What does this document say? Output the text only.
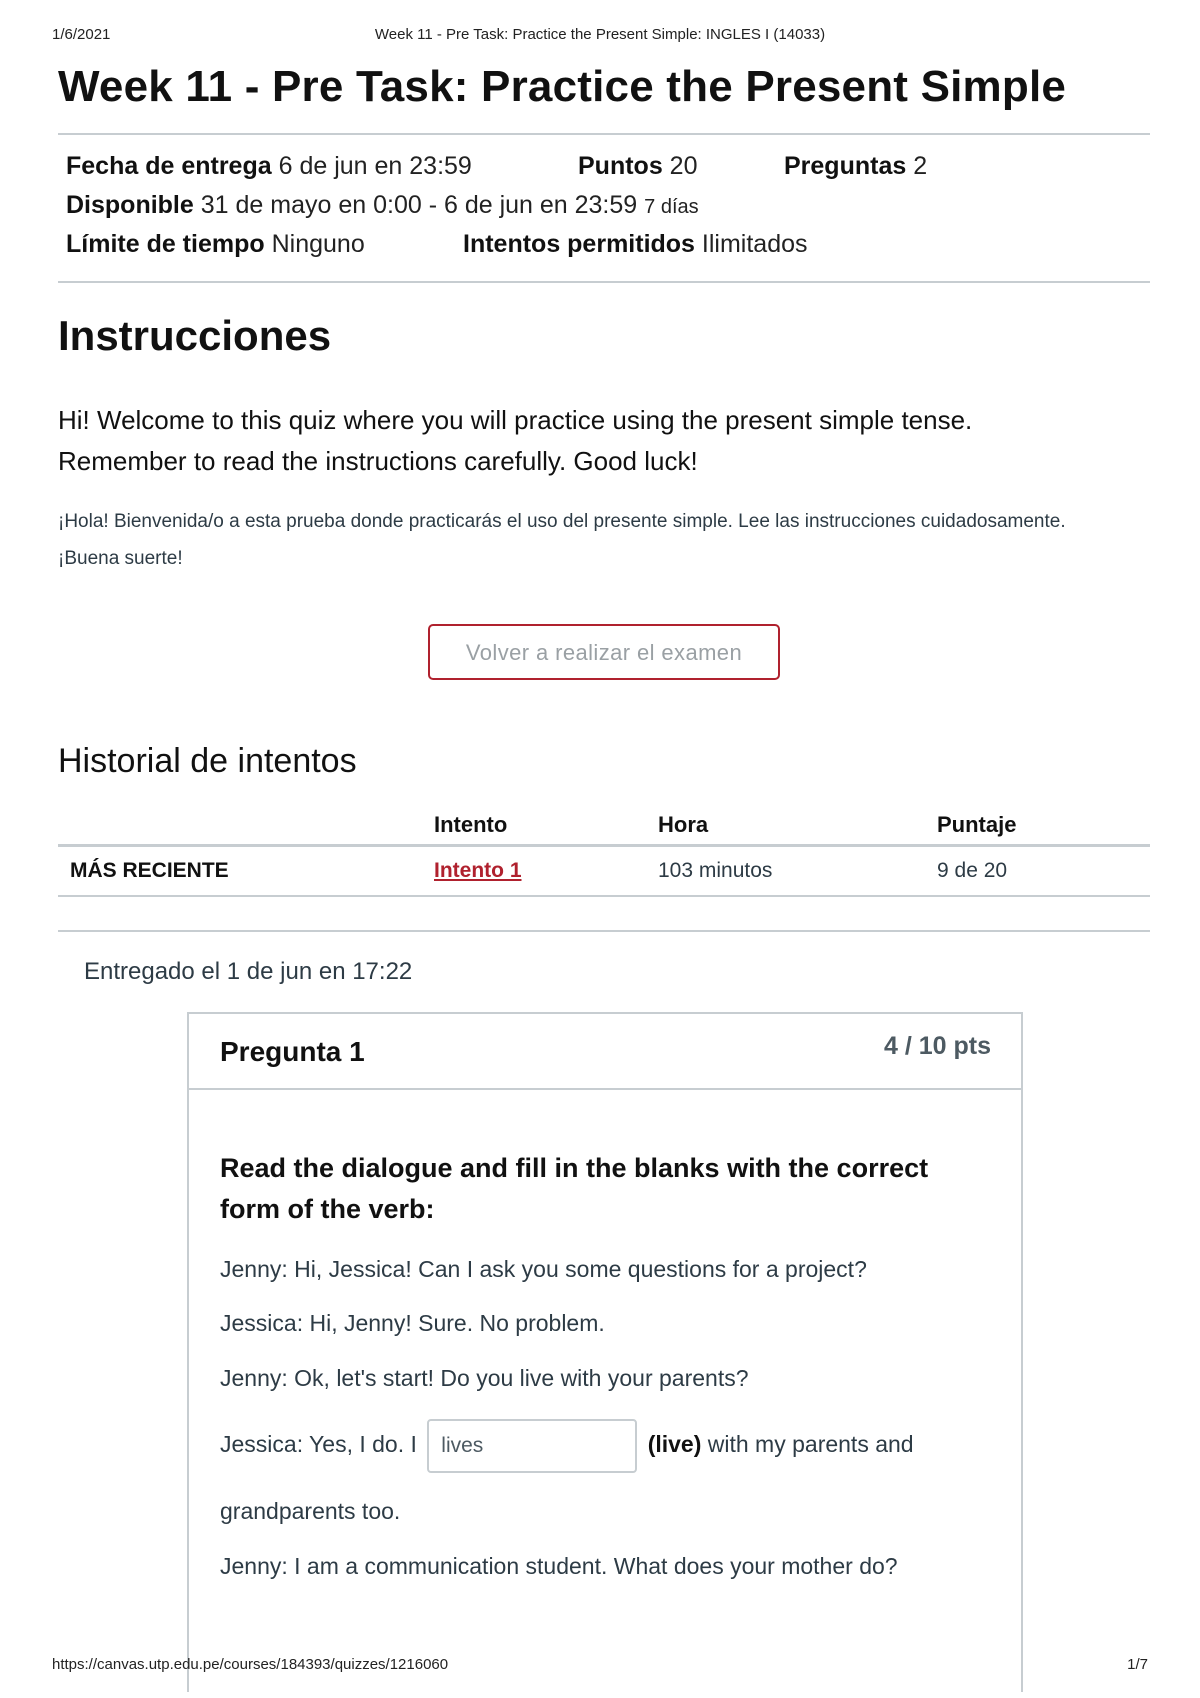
1/6/2021	Week 11 - Pre Task: Practice the Present Simple: INGLES I (14033)
Week 11 - Pre Task: Practice the Present Simple
Fecha de entrega 6 de jun en 23:59	Puntos 20	Preguntas 2
Disponible 31 de mayo en 0:00 - 6 de jun en 23:59 7 días
Límite de tiempo Ninguno	Intentos permitidos Ilimitados
Instrucciones
Hi! Welcome to this quiz where you will practice using the present simple tense.
Remember to read the instructions carefully. Good luck!
¡Hola! Bienvenida/o a esta prueba donde practicarás el uso del presente simple. Lee las instrucciones cuidadosamente.
¡Buena suerte!
Volver a realizar el examen
Historial de intentos
	Intento	Hora	Puntaje
MÁS RECIENTE	Intento 1	103 minutos	9 de 20
Entregado el 1 de jun en 17:22
Pregunta 1	4 / 10 pts
Read the dialogue and fill in the blanks with the correct form of the verb:
Jenny: Hi, Jessica! Can I ask you some questions for a project?
Jessica: Hi, Jenny! Sure. No problem.
Jenny: Ok, let's start! Do you live with your parents?
Jessica: Yes, I do. I lives	(live) with my parents and
grandparents too.
Jenny: I am a communication student. What does your mother do?
https://canvas.utp.edu.pe/courses/184393/quizzes/1216060	1/7
